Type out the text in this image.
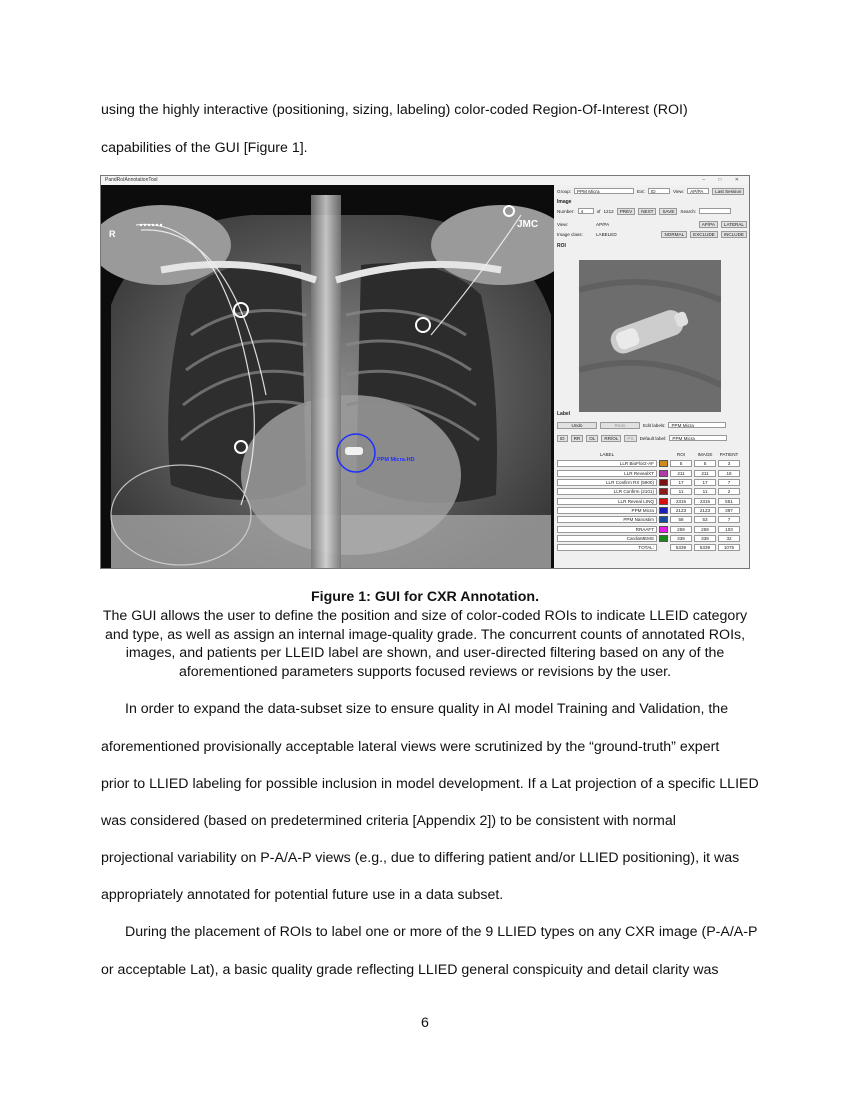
using the highly interactive (positioning, sizing, labeling) color-coded Region-Of-Interest (ROI)
capabilities of the GUI [Figure 1].
PandRoIAnnotationTool	– □ ✕
R
JMC
PPM Micra-HD
Group:	PPM Micra	Ext:	ID	View:	AP/PA	Last Session
Image
Number:	4	of 1212	PREV	NEXT	SAVE	Search:
View:	AP/PA	AP/PA	LATERAL
Image class:	LABELED	NORMAL	EXCLUDE	INCLUDE
ROI
Label
Undo	Redo	Edit labels:	PPM Micra
ID	RR	OL	RR/OL	PS	Default label:	PPM Micra
LABEL	ROI	IMAGE	PATIENT
LLR BioFlor2-AF	5	5	3
LLR RevealXT	211	211	18
LLR Confirm RX (5900)	17	17	7
LLR Confirm (2101)	11	11	2
LLR Reveal LINQ	2315	2315	551
PPM Micra	2123	2123	397
PPM Nanostim	58	53	7
RRAAFT	259	259	103
CardioMEMS	339	339	32
TOTAL:	5339	5339	1075
Figure 1: GUI for CXR Annotation.
The GUI allows the user to define the position and size of color-coded ROIs to indicate LLEID category and type, as well as assign an internal image-quality grade. The concurrent counts of annotated ROIs, images, and patients per LLEID label are shown, and user-directed filtering based on any of the aforementioned parameters supports focused reviews or revisions by the user.
In order to expand the data-subset size to ensure quality in AI model Training and Validation, the
aforementioned provisionally acceptable lateral views were scrutinized by the “ground-truth” expert
prior to LLIED labeling for possible inclusion in model development. If a Lat projection of a specific LLIED
was considered (based on predetermined criteria [Appendix 2]) to be consistent with normal
projectional variability on P-A/A-P views (e.g., due to differing patient and/or LLIED positioning), it was
appropriately annotated for potential future use in a data subset.
During the placement of ROIs to label one or more of the 9 LLIED types on any CXR image (P-A/A-P
or acceptable Lat), a basic quality grade reflecting LLIED general conspicuity and detail clarity was
6
